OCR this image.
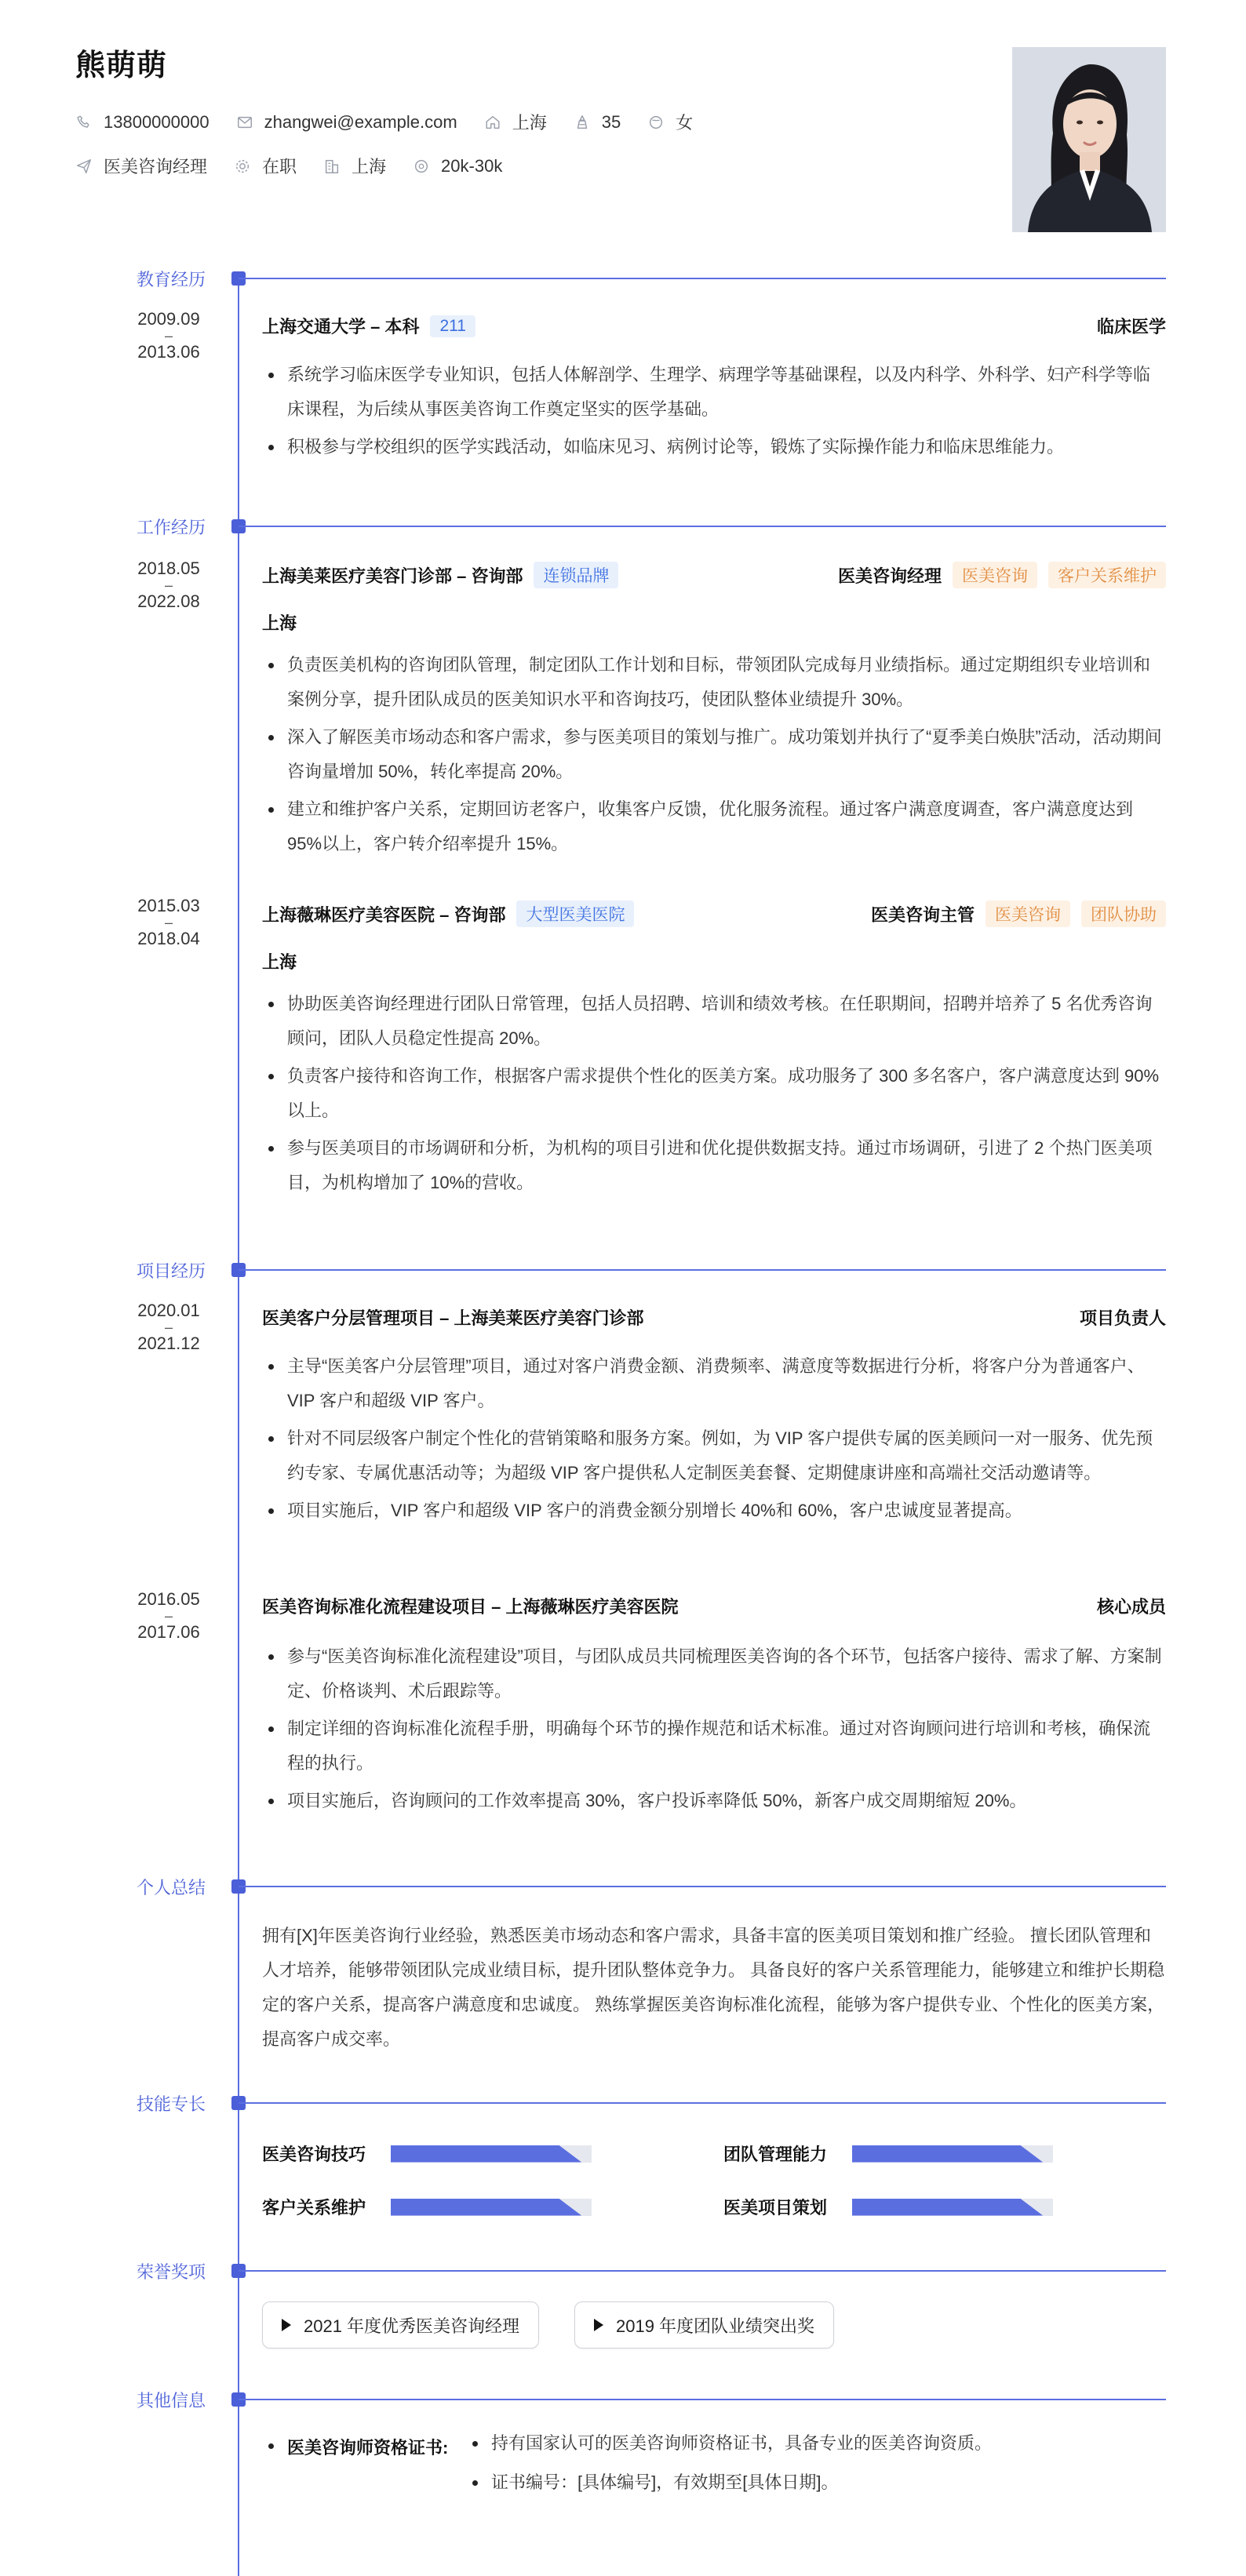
熊萌萌
13800000000	zhangwei@example.com	上海	35	女
医美咨询经理	在职	上海	20k-30k
教育经历
2009.09
–
2013.06
上海交通大学 – 本科	211	临床医学
系统学习临床医学专业知识，包括人体解剖学、生理学、病理学等基础课程，以及内科学、外科学、妇产科学等临床课程，为后续从事医美咨询工作奠定坚实的医学基础。
积极参与学校组织的医学实践活动，如临床见习、病例讨论等，锻炼了实际操作能力和临床思维能力。
工作经历
2018.05
–
2022.08
上海美莱医疗美容门诊部 – 咨询部	连锁品牌	医美咨询经理	医美咨询	客户关系维护
上海
负责医美机构的咨询团队管理，制定团队工作计划和目标，带领团队完成每月业绩指标。通过定期组织专业培训和案例分享，提升团队成员的医美知识水平和咨询技巧，使团队整体业绩提升 30%。
深入了解医美市场动态和客户需求，参与医美项目的策划与推广。成功策划并执行了“夏季美白焕肤”活动，活动期间咨询量增加 50%，转化率提高 20%。
建立和维护客户关系，定期回访老客户，收集客户反馈，优化服务流程。通过客户满意度调查，客户满意度达到 95%以上，客户转介绍率提升 15%。
2015.03
–
2018.04
上海薇琳医疗美容医院 – 咨询部	大型医美医院	医美咨询主管	医美咨询	团队协助
上海
协助医美咨询经理进行团队日常管理，包括人员招聘、培训和绩效考核。在任职期间，招聘并培养了 5 名优秀咨询顾问，团队人员稳定性提高 20%。
负责客户接待和咨询工作，根据客户需求提供个性化的医美方案。成功服务了 300 多名客户，客户满意度达到 90%以上。
参与医美项目的市场调研和分析，为机构的项目引进和优化提供数据支持。通过市场调研，引进了 2 个热门医美项目，为机构增加了 10%的营收。
项目经历
2020.01
–
2021.12
医美客户分层管理项目 – 上海美莱医疗美容门诊部	项目负责人
主导“医美客户分层管理”项目，通过对客户消费金额、消费频率、满意度等数据进行分析，将客户分为普通客户、VIP 客户和超级 VIP 客户。
针对不同层级客户制定个性化的营销策略和服务方案。例如，为 VIP 客户提供专属的医美顾问一对一服务、优先预约专家、专属优惠活动等；为超级 VIP 客户提供私人定制医美套餐、定期健康讲座和高端社交活动邀请等。
项目实施后，VIP 客户和超级 VIP 客户的消费金额分别增长 40%和 60%，客户忠诚度显著提高。
2016.05
–
2017.06
医美咨询标准化流程建设项目 – 上海薇琳医疗美容医院	核心成员
参与“医美咨询标准化流程建设”项目，与团队成员共同梳理医美咨询的各个环节，包括客户接待、需求了解、方案制定、价格谈判、术后跟踪等。
制定详细的咨询标准化流程手册，明确每个环节的操作规范和话术标准。通过对咨询顾问进行培训和考核，确保流程的执行。
项目实施后，咨询顾问的工作效率提高 30%，客户投诉率降低 50%，新客户成交周期缩短 20%。
个人总结

拥有[X]年医美咨询行业经验，熟悉医美市场动态和客户需求，具备丰富的医美项目策划和推广经验。 擅长团队管理和人才培养，能够带领团队完成业绩目标，提升团队整体竞争力。 具备良好的客户关系管理能力，能够建立和维护长期稳定的客户关系，提高客户满意度和忠诚度。 熟练掌握医美咨询标准化流程，能够为客户提供专业、个性化的医美方案，提高客户成交率。

技能专长
医美咨询技巧	团队管理能力
客户关系维护	医美项目策划
荣誉奖项
2021 年度优秀医美咨询经理	2019 年度团队业绩突出奖
其他信息
医美咨询师资格证书:	持有国家认可的医美咨询师资格证书，具备专业的医美咨询资质。
证书编号：[具体编号]，有效期至[具体日期]。
